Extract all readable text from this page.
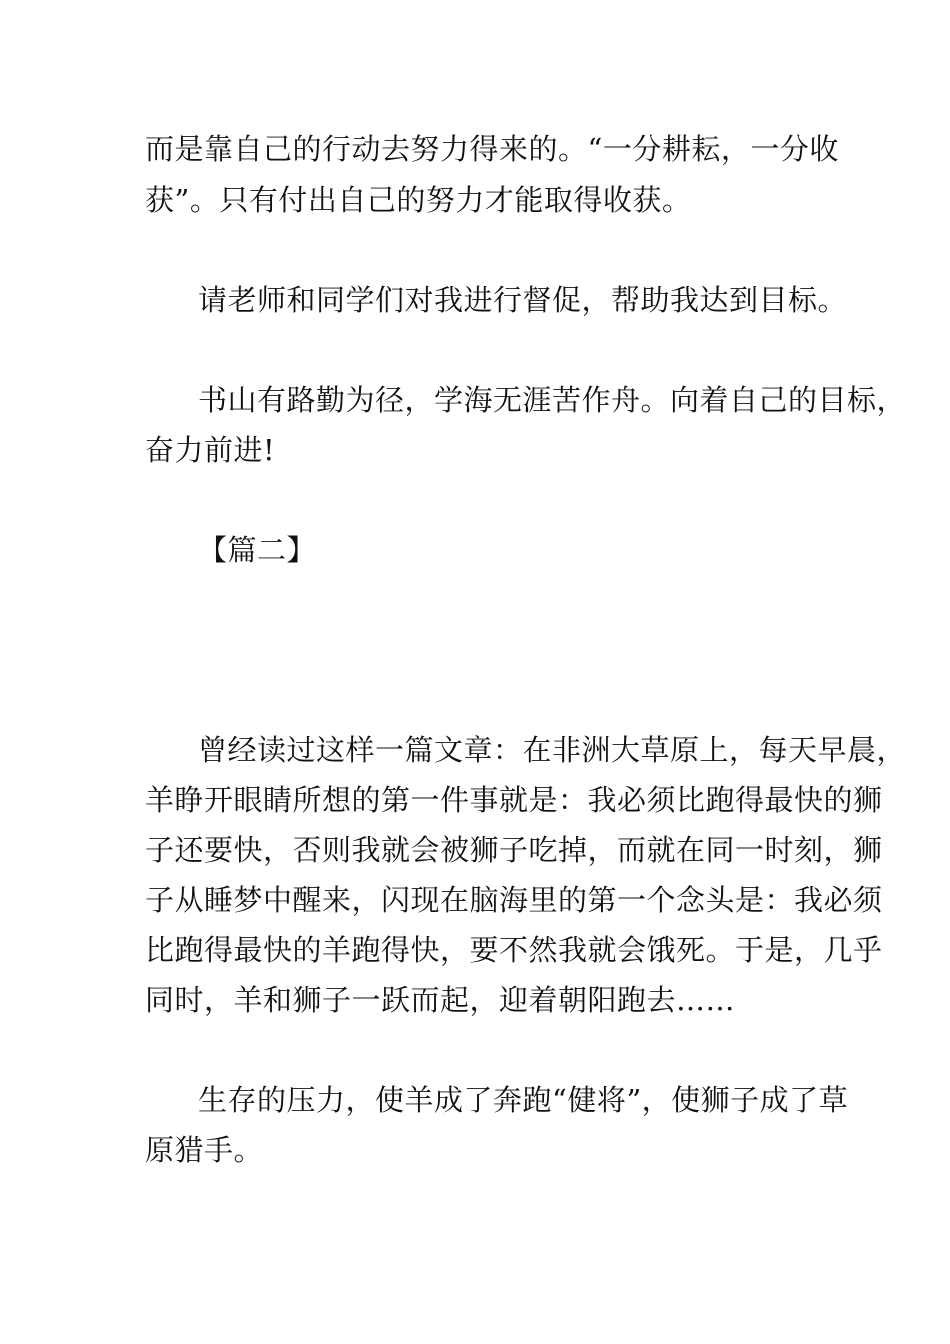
而是靠自己的行动去努力得来的。“一分耕耘，一分收
获”。只有付出自己的努力才能取得收获。
请老师和同学们对我进行督促，帮助我达到目标。
书山有路勤为径，学海无涯苦作舟。向着自己的目标，
奋力前进!
【篇二】
曾经读过这样一篇文章：在非洲大草原上，每天早晨，
羊睁开眼睛所想的第一件事就是：我必须比跑得最快的狮
子还要快，否则我就会被狮子吃掉，而就在同一时刻，狮
子从睡梦中醒来，闪现在脑海里的第一个念头是：我必须
比跑得最快的羊跑得快，要不然我就会饿死。于是，几乎
同时，羊和狮子一跃而起，迎着朝阳跑去……
生存的压力，使羊成了奔跑“健将”，使狮子成了草
原猎手。
